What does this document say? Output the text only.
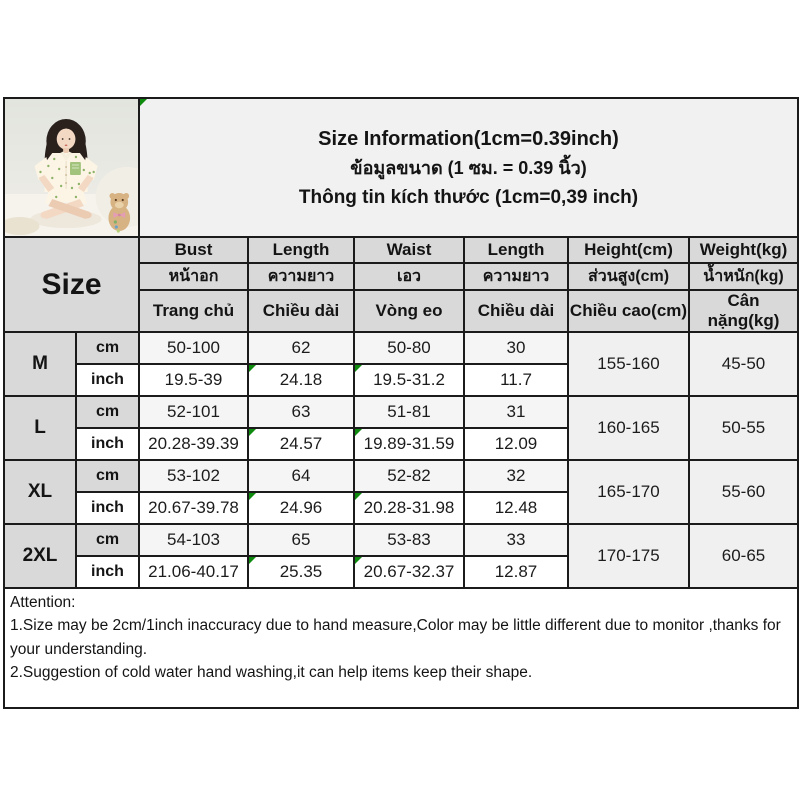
Size Information(1cm=0.39inch)
ข้อมูลขนาด (1 ซม. = 0.39 นิ้ว)
Thông tin kích thước (1cm=0,39 inch)					

Size		Bust	Length	Waist	Length	Height(cm)	Weight(kg)
		หน้าอก	ความยาว	เอว	ความยาว	ส่วนสูง(cm)	น้ำหนัก(kg)
		Trang chủ	Chiều dài	Vòng eo	Chiều dài	Chiều cao(cm)	Cân nặng(kg)
M	cm	50-100	62	50-80	30	155-160	45-50
	inch	19.5-39	24.18	19.5-31.2	11.7		
L	cm	52-101	63	51-81	31	160-165	50-55
	inch	20.28-39.39	24.57	19.89-31.59	12.09		
XL	cm	53-102	64	52-82	32	165-170	55-60
	inch	20.67-39.78	24.96	20.28-31.98	12.48		
2XL	cm	54-103	65	53-83	33	170-175	60-65
	inch	21.06-40.17	25.35	20.67-32.37	12.87		

Attention:
1.Size may be 2cm/1inch inaccuracy due to hand measure,Color may be little different due to monitor ,thanks for your understanding.
2.Suggestion of cold water hand washing,it can help items keep their shape.							
